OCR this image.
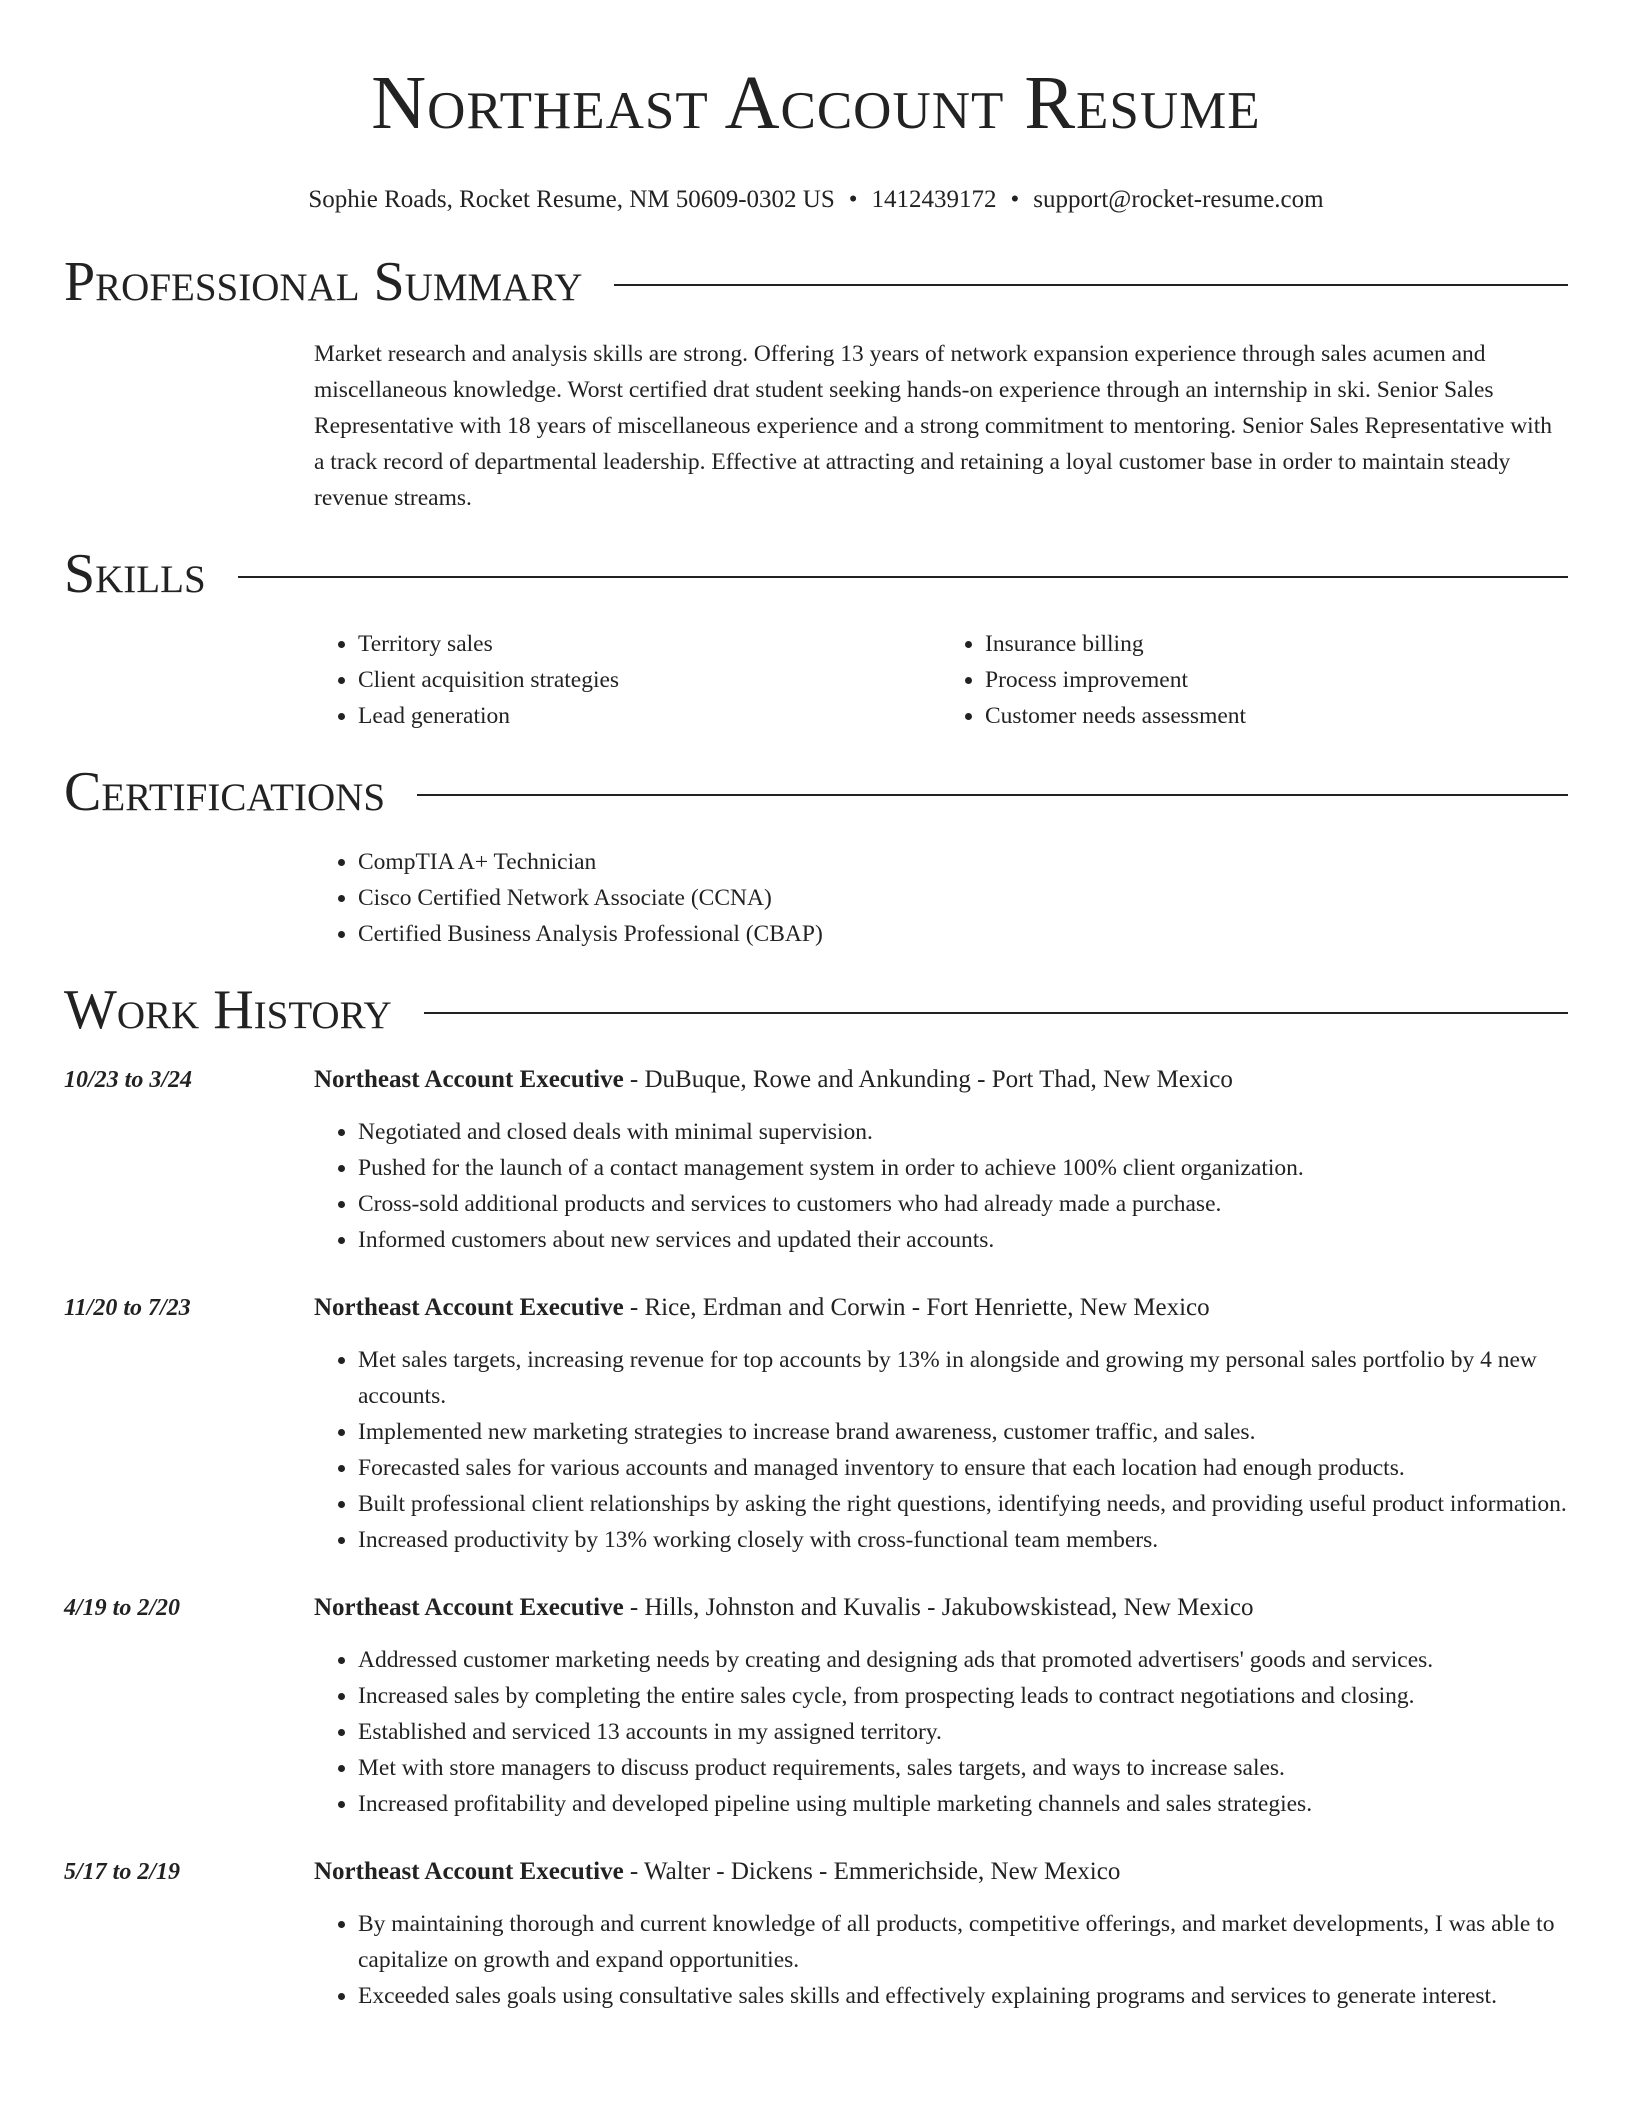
Northeast Account Resume
Sophie Roads, Rocket Resume, NM 50609-0302 US • 1412439172 • support@rocket-resume.com
Professional Summary

Market research and analysis skills are strong. Offering 13 years of network expansion experience through sales acumen and miscellaneous knowledge. Worst certified drat student seeking hands-on experience through an internship in ski. Senior Sales Representative with 18 years of miscellaneous experience and a strong commitment to mentoring. Senior Sales Representative with a track record of departmental leadership. Effective at attracting and retaining a loyal customer base in order to maintain steady revenue streams.

Skills
• Territory sales
• Client acquisition strategies
• Lead generation
• Insurance billing
• Process improvement
• Customer needs assessment
Certifications
• CompTIA A+ Technician
• Cisco Certified Network Associate (CCNA)
• Certified Business Analysis Professional (CBAP)
Work History
10/23 to 3/24	Northeast Account Executive - DuBuque, Rowe and Ankunding - Port Thad, New Mexico
• Negotiated and closed deals with minimal supervision.
• Pushed for the launch of a contact management system in order to achieve 100% client organization.
• Cross-sold additional products and services to customers who had already made a purchase.
• Informed customers about new services and updated their accounts.
11/20 to 7/23	Northeast Account Executive - Rice, Erdman and Corwin - Fort Henriette, New Mexico
• Met sales targets, increasing revenue for top accounts by 13% in alongside and growing my personal sales portfolio by 4 new accounts.
• Implemented new marketing strategies to increase brand awareness, customer traffic, and sales.
• Forecasted sales for various accounts and managed inventory to ensure that each location had enough products.
• Built professional client relationships by asking the right questions, identifying needs, and providing useful product information.
• Increased productivity by 13% working closely with cross-functional team members.
4/19 to 2/20	Northeast Account Executive - Hills, Johnston and Kuvalis - Jakubowskistead, New Mexico
• Addressed customer marketing needs by creating and designing ads that promoted advertisers' goods and services.
• Increased sales by completing the entire sales cycle, from prospecting leads to contract negotiations and closing.
• Established and serviced 13 accounts in my assigned territory.
• Met with store managers to discuss product requirements, sales targets, and ways to increase sales.
• Increased profitability and developed pipeline using multiple marketing channels and sales strategies.
5/17 to 2/19	Northeast Account Executive - Walter - Dickens - Emmerichside, New Mexico
• By maintaining thorough and current knowledge of all products, competitive offerings, and market developments, I was able to capitalize on growth and expand opportunities.
• Exceeded sales goals using consultative sales skills and effectively explaining programs and services to generate interest.
